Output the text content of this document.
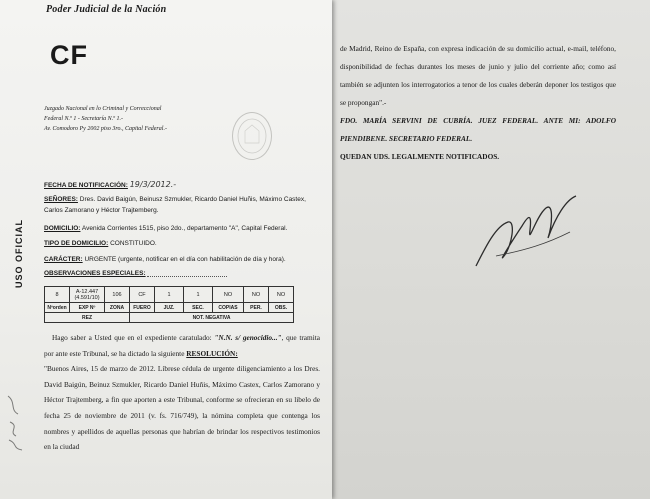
Poder Judicial de la Nación
CF
Juzgado Nacional en lo Criminal y Correccional
Federal N.º 1 - Secretaría N.º 1.-
Av. Comodoro Py 2002 piso 3ro., Capital Federal.-
USO OFICIAL
FECHA DE NOTIFICACIÓN: 19/3/2012.-
SEÑORES: Dres. David Baigún, Beinusz Szmukler, Ricardo Daniel Huñis, Máximo Castex, Carlos Zamorano y Héctor Trajtemberg.
DOMICILIO: Avenida Corrientes 1515, piso 2do., departamento "A", Capital Federal.
TIPO DE DOMICILIO: CONSTITUIDO.
CARÁCTER: URGENTE (urgente, notificar en el día con habilitación de día y hora).
OBSERVACIONES ESPECIALES:
8	A-12.447 (4.591/10)	106	CF	1	1	NO	NO	NO
Nºorden	EXP Nº	ZONA	FUERO	JUZ.	SEC.	COPIAS	PER.	OBS.
REZ			NOT. NEGATIVA					

Hago saber a Usted que en el expediente caratulado: "N.N. s/ genocidio...", que tramita por ante este Tribunal, se ha dictado la siguiente RESOLUCIÓN:

"Buenos Aires, 15 de marzo de 2012. Líbrese cédula de urgente diligenciamiento a los Dres. David Baigún, Beinuz Szmukler, Ricardo Daniel Huñis, Máximo Castex, Carlos Zamorano y Héctor Trajtemberg, a fin que aporten a este Tribunal, conforme se ofrecieran en su libelo de fecha 25 de noviembre de 2011 (v. fs. 716/749), la nómina completa que contenga los nombres y apellidos de aquellas personas que habrían de brindar los respectivos testimonios en la ciudad

de Madrid, Reino de España, con expresa indicación de su domicilio actual, e-mail, teléfono, disponibilidad de fechas durantes los meses de junio y julio del corriente año; como así también se adjunten los interrogatorios a tenor de los cuales deberán deponer los testigos que se propongan".-

FDO. MARÍA SERVINI DE CUBRÍA. JUEZ FEDERAL. ANTE MI: ADOLFO PIENDIBENE. SECRETARIO FEDERAL.

QUEDAN UDS. LEGALMENTE NOTIFICADOS.
